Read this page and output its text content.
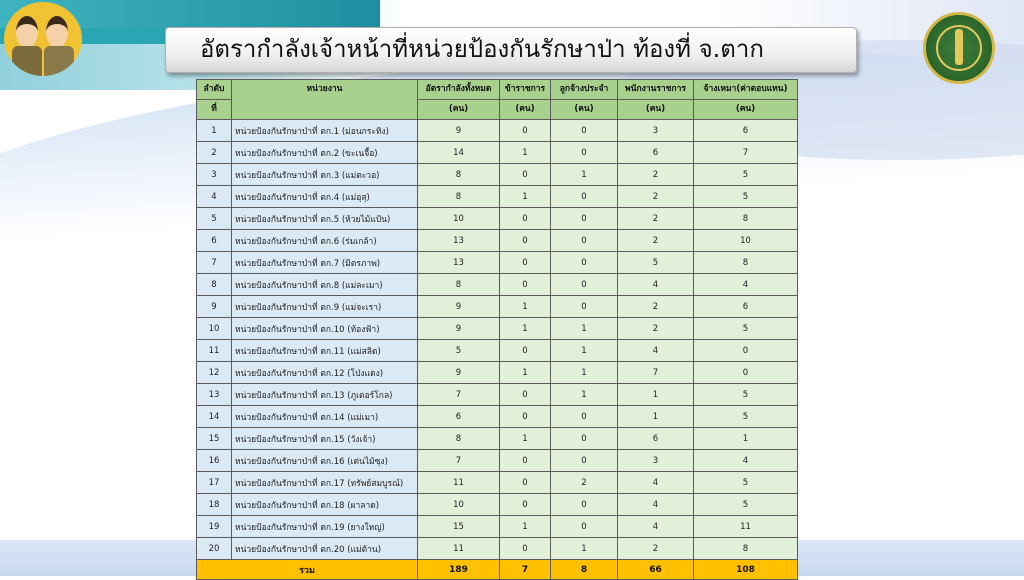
อัตรากำลังเจ้าหน้าที่หน่วยป้องกันรักษาป่า ท้องที่ จ.ตาก
ลำดับ	หน่วยงาน	อัตรากำลังทั้งหมด	ข้าราชการ	ลูกจ้างประจำ	พนักงานราชการ	จ้างเหมา(ค่าตอบแทน)
ที่		(คน)	(คน)	(คน)	(คน)	(คน)
1	หน่วยป้องกันรักษาป่าที่ ตก.1 (ม่อนกระทิง)	9	0	0	3	6
2	หน่วยป้องกันรักษาป่าที่ ตก.2 (ขะเนจื้อ)	14	1	0	6	7
3	หน่วยป้องกันรักษาป่าที่ ตก.3 (แม่ตะวอ)	8	0	1	2	5
4	หน่วยป้องกันรักษาป่าที่ ตก.4 (แม่อุสุ)	8	1	0	2	5
5	หน่วยป้องกันรักษาป่าที่ ตก.5 (ห้วยไม้แป้น)	10	0	0	2	8
6	หน่วยป้องกันรักษาป่าที่ ตก.6 (ร่มเกล้า)	13	0	0	2	10
7	หน่วยป้องกันรักษาป่าที่ ตก.7 (มิตรภาพ)	13	0	0	5	8
8	หน่วยป้องกันรักษาป่าที่ ตก.8 (แม่ละเมา)	8	0	0	4	4
9	หน่วยป้องกันรักษาป่าที่ ตก.9 (แม่จะเรา)	9	1	0	2	6
10	หน่วยป้องกันรักษาป่าที่ ตก.10 (ท้องฟ้า)	9	1	1	2	5
11	หน่วยป้องกันรักษาป่าที่ ตก.11 (แม่สลิด)	5	0	1	4	0
12	หน่วยป้องกันรักษาป่าที่ ตก.12 (โป่งแดง)	9	1	1	7	0
13	หน่วยป้องกันรักษาป่าที่ ตก.13 (ภูเตอร์โกล)	7	0	1	1	5
14	หน่วยป้องกันรักษาป่าที่ ตก.14 (แม่เมา)	6	0	0	1	5
15	หน่วยป้องกันรักษาป่าที่ ตก.15 (วังเจ้า)	8	1	0	6	1
16	หน่วยป้องกันรักษาป่าที่ ตก.16 (เด่นไม้ซุง)	7	0	0	3	4
17	หน่วยป้องกันรักษาป่าที่ ตก.17 (ทรัพย์สมบูรณ์)	11	0	2	4	5
18	หน่วยป้องกันรักษาป่าที่ ตก.18 (ผาลาด)	10	0	0	4	5
19	หน่วยป้องกันรักษาป่าที่ ตก.19 (ยางใหญ่)	15	1	0	4	11
20	หน่วยป้องกันรักษาป่าที่ ตก.20 (แม่ต้าน)	11	0	1	2	8
รวม		189	7	8	66	108
